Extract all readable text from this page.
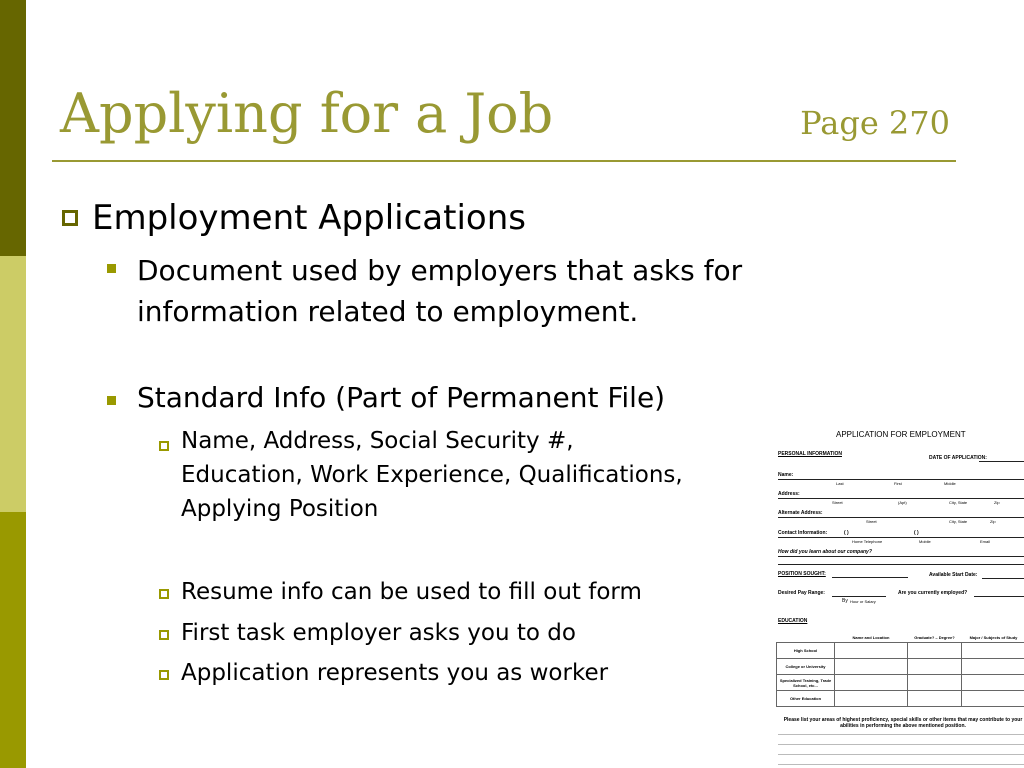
Applying for a Job	Page 270
Employment Applications
Document used by employers that asks for information related to employment.
Standard Info (Part of Permanent File)
Name, Address, Social Security #, Education, Work Experience, Qualifications, Applying Position
Resume info can be used to fill out form
First task employer asks you to do
Application represents you as worker
APPLICATION FOR EMPLOYMENT
PERSONAL INFORMATION
DATE OF APPLICATION:
Name:
Last	First	Middle
Address:
Street	(Apt)	City, State	Zip
Alternate Address:
Street	City, State	Zip
Contact Information:	( )	( )
Home Telephone	Mobile	Email
How did you learn about our company?
POSITION SOUGHT:	Available Start Date:
Desired Pay Range:	Are you currently employed?
By Hour or Salary
EDUCATION
	Name and Location	Graduate? – Degree?	Major / Subjects of Study
High School			
College or University			
Specialized Training, Trade School, etc...			
Other Education			
Please list your areas of highest proficiency, special skills or other items that may contribute to your abilities in performing the above mentioned position.
